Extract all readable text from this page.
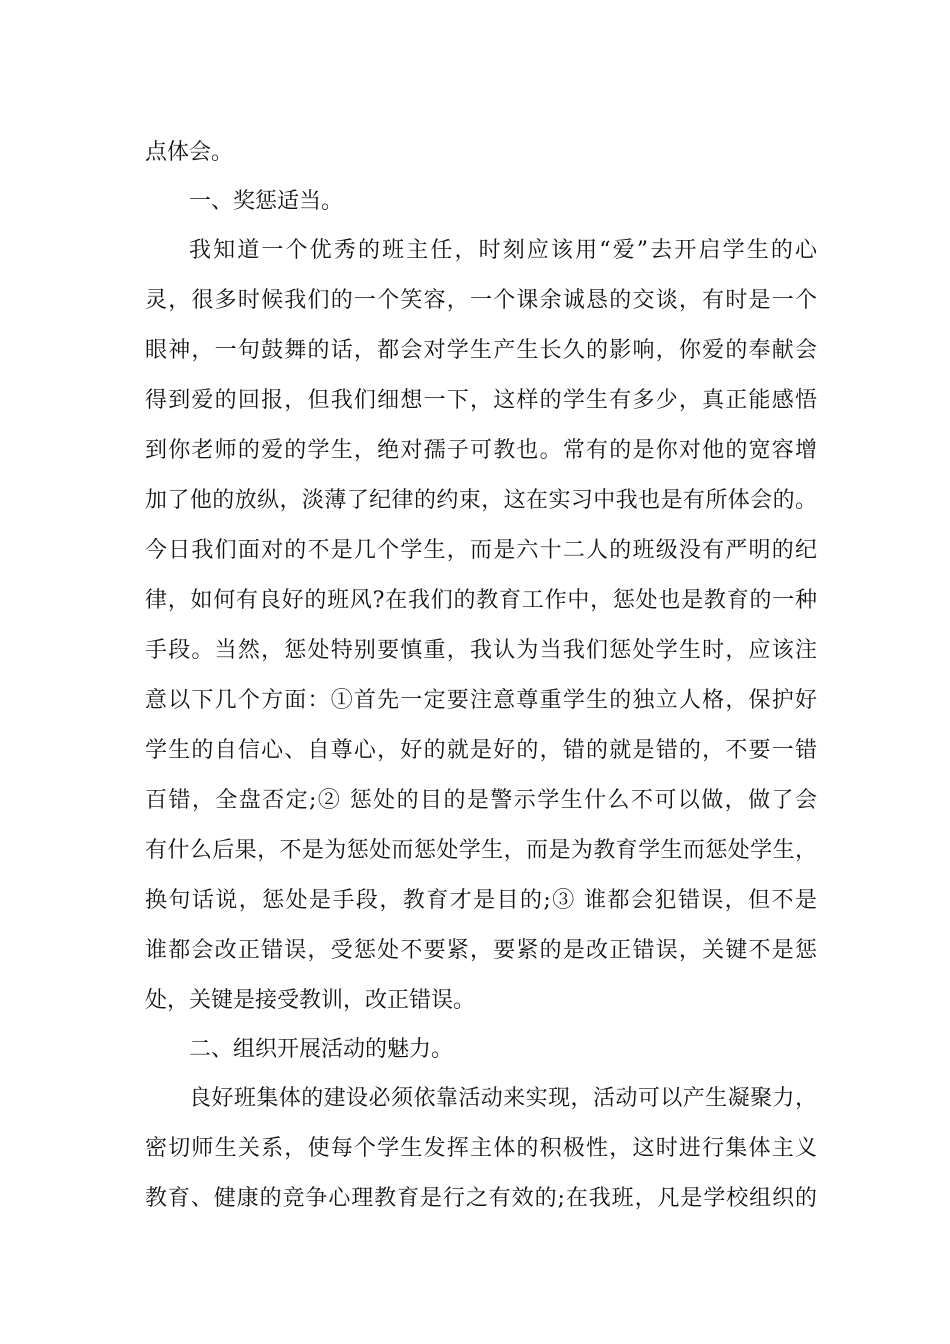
点体会。
一、奖惩适当。
我知道一个优秀的班主任，时刻应该用“爱”去开启学生的心
灵，很多时候我们的一个笑容，一个课余诚恳的交谈，有时是一个
眼神，一句鼓舞的话，都会对学生产生长久的影响，你爱的奉献会
得到爱的回报，但我们细想一下，这样的学生有多少，真正能感悟
到你老师的爱的学生，绝对孺子可教也。常有的是你对他的宽容增
加了他的放纵，淡薄了纪律的约束，这在实习中我也是有所体会的。
今日我们面对的不是几个学生，而是六十二人的班级没有严明的纪
律，如何有良好的班风?在我们的教育工作中，惩处也是教育的一种
手段。当然，惩处特别要慎重，我认为当我们惩处学生时，应该注
意以下几个方面：①首先一定要注意尊重学生的独立人格，保护好
学生的自信心、自尊心，好的就是好的，错的就是错的，不要一错
百错，全盘否定;② 惩处的目的是警示学生什么不可以做，做了会
有什么后果，不是为惩处而惩处学生，而是为教育学生而惩处学生，
换句话说，惩处是手段，教育才是目的;③ 谁都会犯错误，但不是
谁都会改正错误，受惩处不要紧，要紧的是改正错误，关键不是惩
处，关键是接受教训，改正错误。
二、组织开展活动的魅力。
良好班集体的建设必须依靠活动来实现，活动可以产生凝聚力，
密切师生关系，使每个学生发挥主体的积极性，这时进行集体主义
教育、健康的竞争心理教育是行之有效的;在我班，凡是学校组织的
